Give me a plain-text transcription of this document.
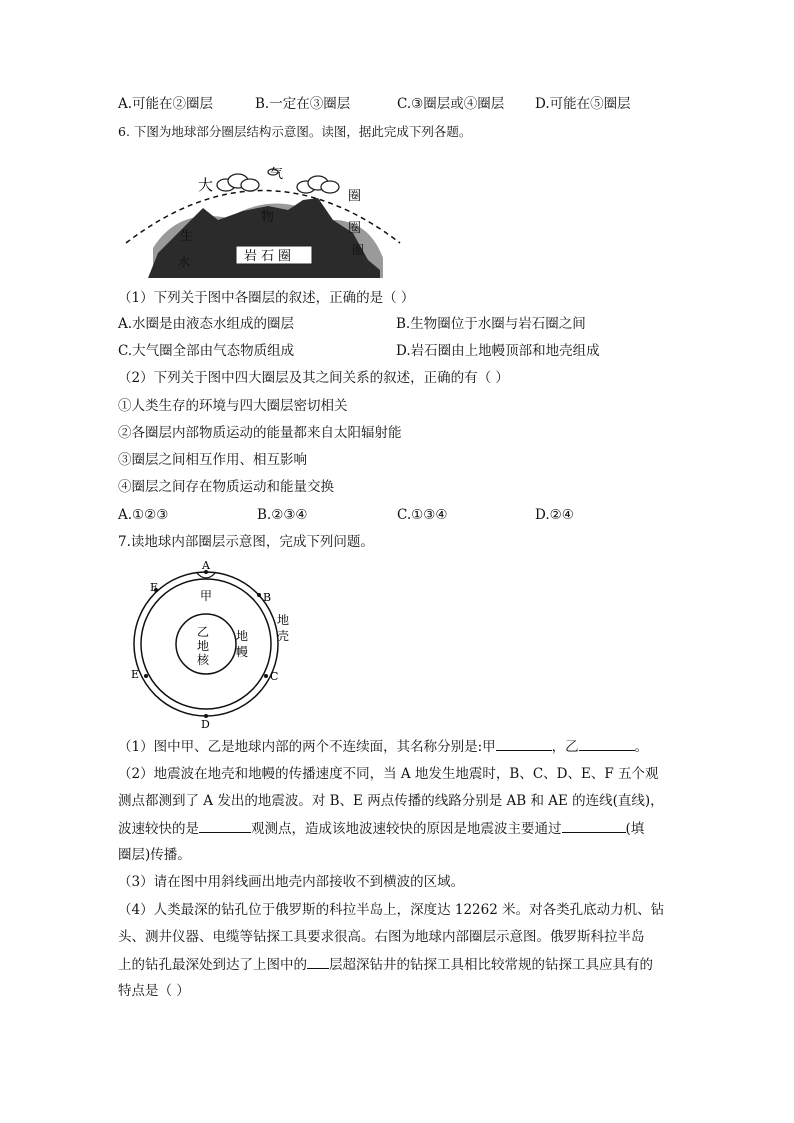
A.可能在②圈层	B.一定在③圈层	C.③圈层或④圈层 D.可能在⑤圈层
6. 下图为地球部分圈层结构示意图。读图，据此完成下列各题。
大
气
圈
生
物
圈
水
圈
岩石圈
（1）下列关于图中各圈层的叙述，正确的是（ ）
A.水圈是由液态水组成的圈层	B.生物圈位于水圈与岩石圈之间
C.大气圈全部由气态物质组成	D.岩石圈由上地幔顶部和地壳组成
（2）下列关于图中四大圈层及其之间关系的叙述，正确的有（ ）
①人类生存的环境与四大圈层密切相关
②各圈层内部物质运动的能量都来自太阳辐射能
③圈层之间相互作用、相互影响
④圈层之间存在物质运动和能量交换
A.①②③	B.②③④	C.①③④	D.②④
7.读地球内部圈层示意图，完成下列问题。
A
B
C
D
E
F
甲
乙
地
核
地
幔
地
壳
（1）图中甲、乙是地球内部的两个不连续面，其名称分别是:甲	，乙	。
（2）地震波在地壳和地幔的传播速度不同，当 A 地发生地震时，B、C、D、E、F 五个观
测点都测到了 A 发出的地震波。对 B、E 两点传播的线路分别是 AB 和 AE 的连线(直线)，
波速较快的是	观测点，造成该地波速较快的原因是地震波主要通过	(填
圈层)传播。
（3）请在图中用斜线画出地壳内部接收不到横波的区域。
（4）人类最深的钻孔位于俄罗斯的科拉半岛上，深度达 12262 米。对各类孔底动力机、钻
头、测井仪器、电缆等钻探工具要求很高。右图为地球内部圈层示意图。俄罗斯科拉半岛
上的钻孔最深处到达了上图中的 层超深钻井的钻探工具相比较常规的钻探工具应具有的
特点是（ ）
